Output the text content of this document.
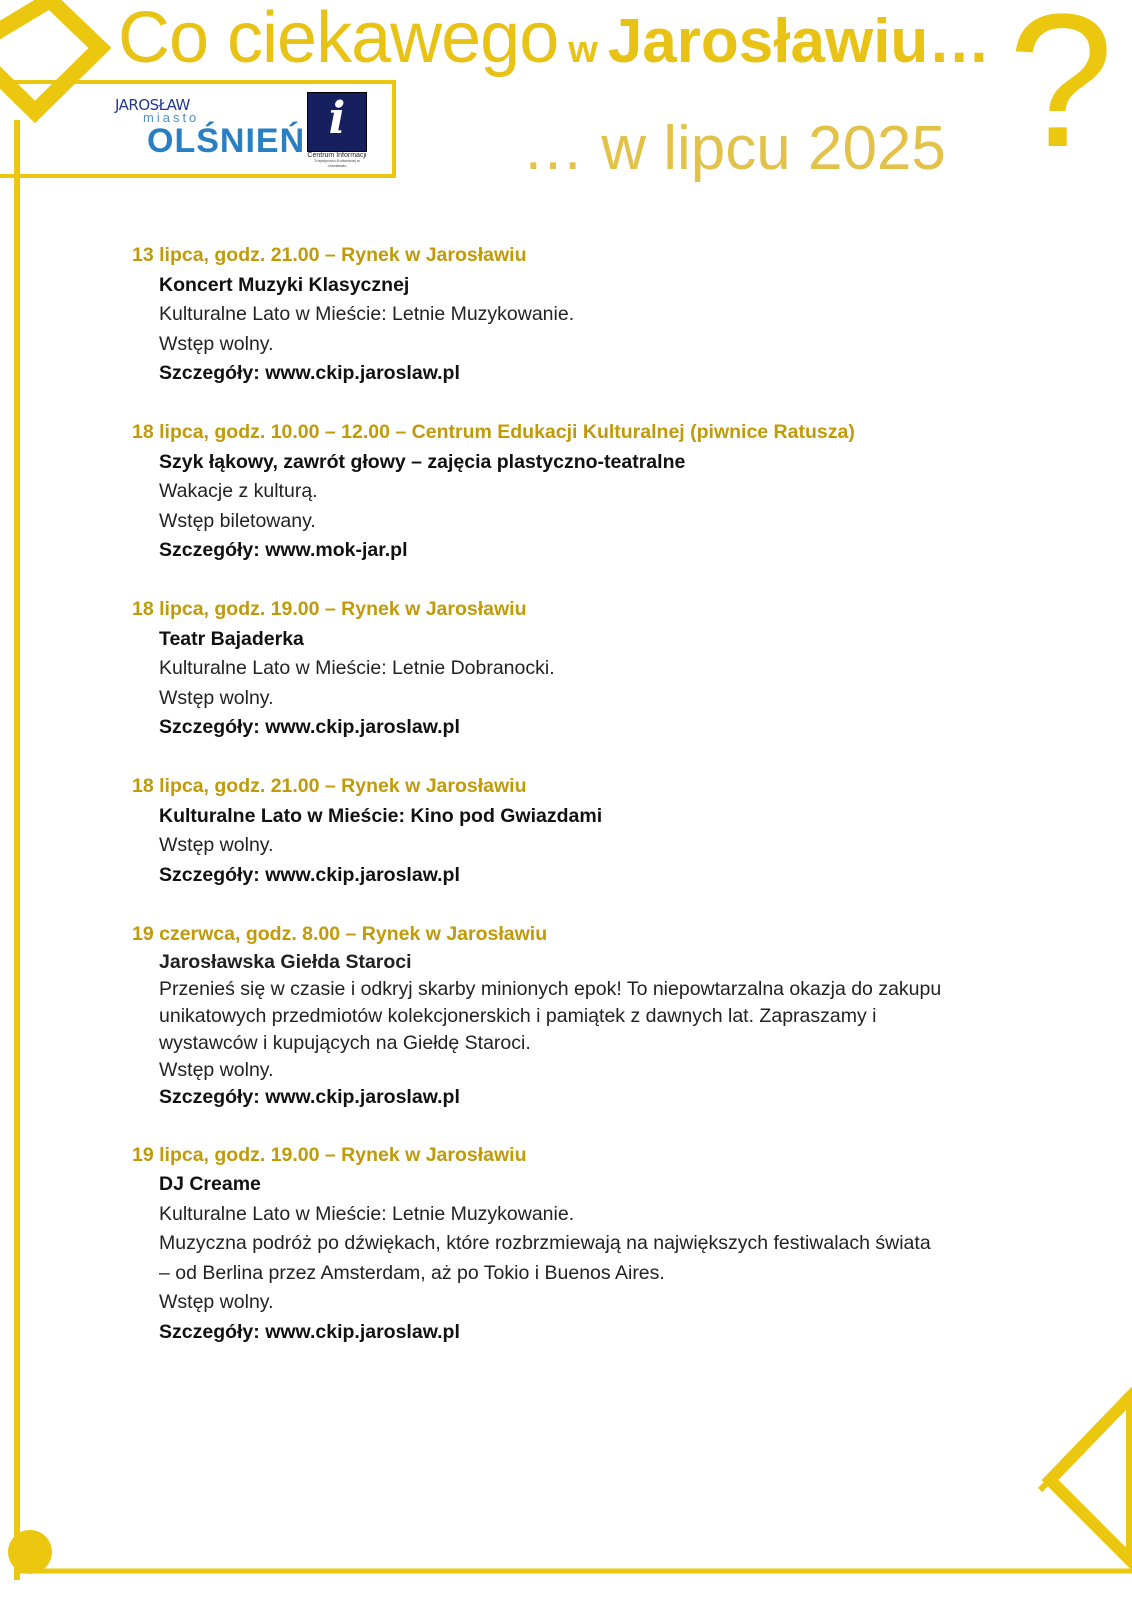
?
Co ciekawego w Jarosławiu…
… w lipcu 2025
JAROSŁAW
miasto
OLŚNIEŃ i
Centrum Informacji
Turystyczno-Kulturalnej w Jarosławiu
13 lipca, godz. 21.00 – Rynek w Jarosławiu
Koncert Muzyki Klasycznej
Kulturalne Lato w Mieście: Letnie Muzykowanie.
Wstęp wolny.
Szczegóły: www.ckip.jaroslaw.pl
18 lipca, godz. 10.00 – 12.00 – Centrum Edukacji Kulturalnej (piwnice Ratusza)
Szyk łąkowy, zawrót głowy – zajęcia plastyczno-teatralne
Wakacje z kulturą.
Wstęp biletowany.
Szczegóły: www.mok-jar.pl
18 lipca, godz. 19.00 – Rynek w Jarosławiu
Teatr Bajaderka
Kulturalne Lato w Mieście: Letnie Dobranocki.
Wstęp wolny.
Szczegóły: www.ckip.jaroslaw.pl
18 lipca, godz. 21.00 – Rynek w Jarosławiu
Kulturalne Lato w Mieście: Kino pod Gwiazdami
Wstęp wolny.
Szczegóły: www.ckip.jaroslaw.pl
19 czerwca, godz. 8.00 – Rynek w Jarosławiu
Jarosławska Giełda Staroci
Przenieś się w czasie i odkryj skarby minionych epok! To niepowtarzalna okazja do zakupu
unikatowych przedmiotów kolekcjonerskich i pamiątek z dawnych lat. Zapraszamy i
wystawców i kupujących na Giełdę Staroci.
Wstęp wolny.
Szczegóły: www.ckip.jaroslaw.pl
19 lipca, godz. 19.00 – Rynek w Jarosławiu
DJ Creame
Kulturalne Lato w Mieście: Letnie Muzykowanie.
Muzyczna podróż po dźwiękach, które rozbrzmiewają na największych festiwalach świata
– od Berlina przez Amsterdam, aż po Tokio i Buenos Aires.
Wstęp wolny.
Szczegóły: www.ckip.jaroslaw.pl
